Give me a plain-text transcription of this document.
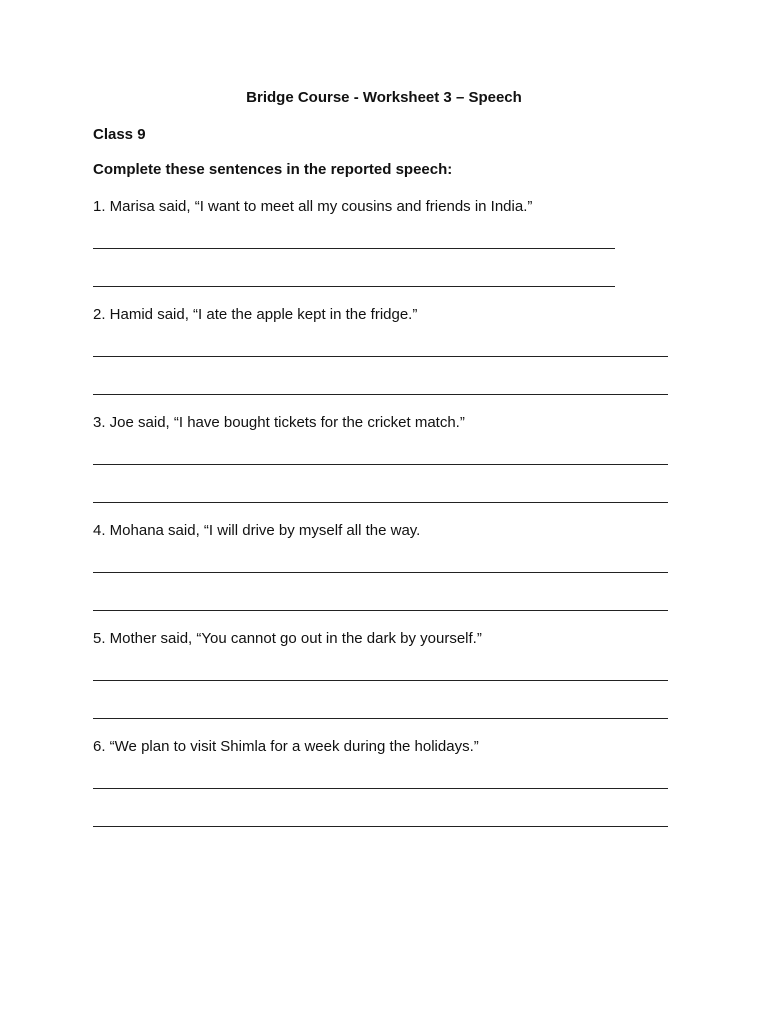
Bridge Course - Worksheet 3 – Speech
Class 9
Complete these sentences in the reported speech:
1. Marisa said, “I want to meet all my cousins and friends in India.”
2. Hamid said, “I ate the apple kept in the fridge.”
3. Joe said, “I have bought tickets for the cricket match.”
4. Mohana said, “I will drive by myself all the way.
5. Mother said, “You cannot go out in the dark by yourself.”
6. “We plan to visit Shimla for a week during the holidays.”
